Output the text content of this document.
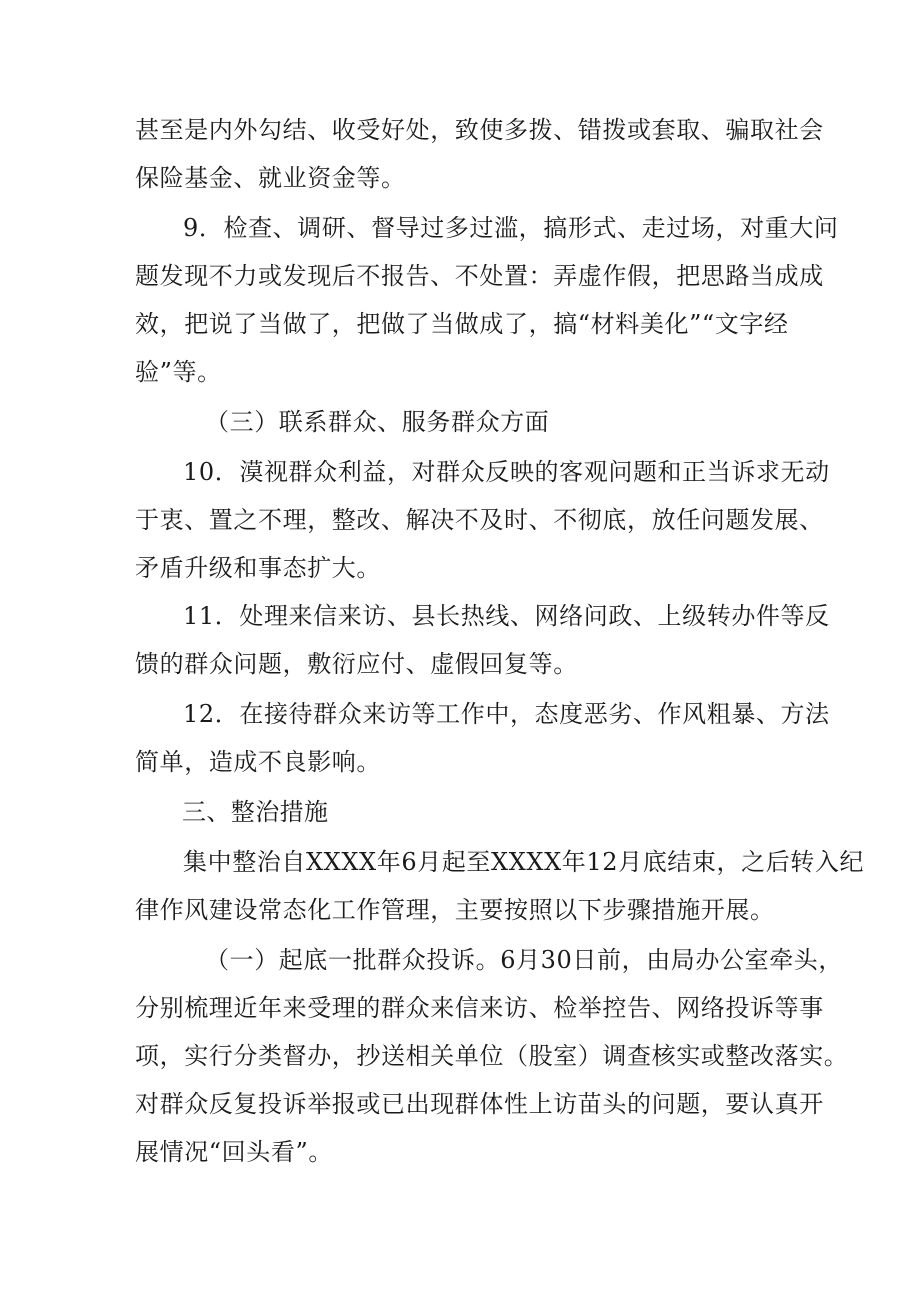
甚至是内外勾结、收受好处，致使多拨、错拨或套取、骗取社会
保险基金、就业资金等。
9．检查、调研、督导过多过滥，搞形式、走过场，对重大问
题发现不力或发现后不报告、不处置：弄虚作假，把思路当成成
效，把说了当做了，把做了当做成了，搞“材料美化”“文字经
验”等。
（三）联系群众、服务群众方面
10．漠视群众利益，对群众反映的客观问题和正当诉求无动
于衷、置之不理，整改、解决不及时、不彻底，放任问题发展、
矛盾升级和事态扩大。
11．处理来信来访、县长热线、网络问政、上级转办件等反
馈的群众问题，敷衍应付、虚假回复等。
12．在接待群众来访等工作中，态度恶劣、作风粗暴、方法
简单，造成不良影响。
三、整治措施
集中整治自XXXX年6月起至XXXX年12月底结束，之后转入纪
律作风建设常态化工作管理，主要按照以下步骤措施开展。
（一）起底一批群众投诉。6月30日前，由局办公室牵头，
分别梳理近年来受理的群众来信来访、检举控告、网络投诉等事
项，实行分类督办，抄送相关单位（股室）调查核实或整改落实。
对群众反复投诉举报或已出现群体性上访苗头的问题，要认真开
展情况“回头看”。
